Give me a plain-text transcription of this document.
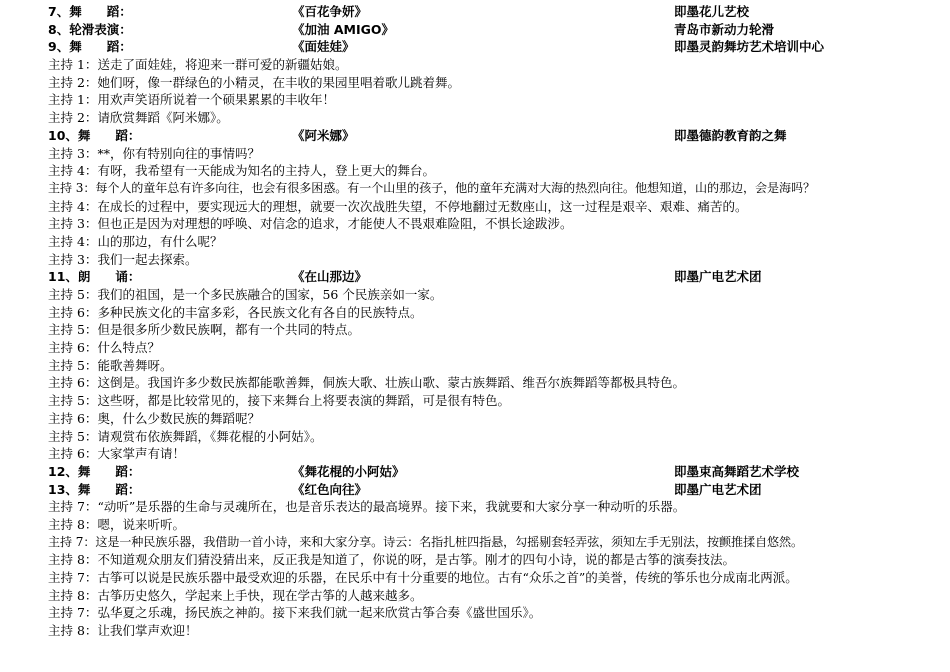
7、舞　　蹈：	《百花争妍》	即墨花儿艺校
8、轮滑表演：	《加油 AMIGO》	青岛市新动力轮滑
9、舞　　蹈：	《面娃娃》	即墨灵韵舞坊艺术培训中心
主持 1：送走了面娃娃，将迎来一群可爱的新疆姑娘。
主持 2：她们呀，像一群绿色的小精灵，在丰收的果园里唱着歌儿跳着舞。
主持 1：用欢声笑语所说着一个硕果累累的丰收年！
主持 2：请欣赏舞蹈《阿米娜》。
10、舞　　蹈：	《阿米娜》	即墨德韵教育韵之舞
主持 3：**，你有特别向往的事情吗？
主持 4：有呀，我希望有一天能成为知名的主持人，登上更大的舞台。
主持 3：每个人的童年总有许多向往，也会有很多困惑。有一个山里的孩子，他的童年充满对大海的热烈向往。他想知道，山的那边，会是海吗？
主持 4：在成长的过程中，要实现远大的理想，就要一次次战胜失望，不停地翻过无数座山，这一过程是艰辛、艰难、痛苦的。
主持 3：但也正是因为对理想的呼唤、对信念的追求，才能使人不畏艰难险阻，不惧长途跋涉。
主持 4：山的那边，有什么呢？
主持 3：我们一起去探索。
11、朗　　诵：	《在山那边》	即墨广电艺术团
主持 5：我们的祖国，是一个多民族融合的国家，56 个民族亲如一家。
主持 6：多种民族文化的丰富多彩，各民族文化有各自的民族特点。
主持 5：但是很多所少数民族啊，都有一个共同的特点。
主持 6：什么特点？
主持 5：能歌善舞呀。
主持 6：这倒是。我国许多少数民族都能歌善舞，侗族大歌、壮族山歌、蒙古族舞蹈、维吾尔族舞蹈等都极具特色。
主持 5：这些呀，都是比较常见的，接下来舞台上将要表演的舞蹈，可是很有特色。
主持 6：奥，什么少数民族的舞蹈呢？
主持 5：请观赏布依族舞蹈，《舞花棍的小阿姑》。
主持 6：大家掌声有请！
12、舞　　蹈：	《舞花棍的小阿姑》	即墨束高舞蹈艺术学校
13、舞　　蹈：	《红色向往》	即墨广电艺术团
主持 7：“动听”是乐器的生命与灵魂所在，也是音乐表达的最高境界。接下来，我就要和大家分享一种动听的乐器。
主持 8：嗯，说来听听。
主持 7：这是一种民族乐器，我借助一首小诗，来和大家分享。诗云：名指扎桩四指悬，勾摇剔套轻弄弦，须知左手无别法，按颤推揉自悠然。
主持 8：不知道观众朋友们猜没猜出来，反正我是知道了，你说的呀，是古筝。刚才的四句小诗，说的都是古筝的演奏技法。
主持 7：古筝可以说是民族乐器中最受欢迎的乐器，在民乐中有十分重要的地位。古有“众乐之首”的美誉，传统的筝乐也分成南北两派。
主持 8：古筝历史悠久，学起来上手快，现在学古筝的人越来越多。
主持 7：弘华夏之乐魂，扬民族之神韵。接下来我们就一起来欣赏古筝合奏《盛世国乐》。
主持 8：让我们掌声欢迎！
